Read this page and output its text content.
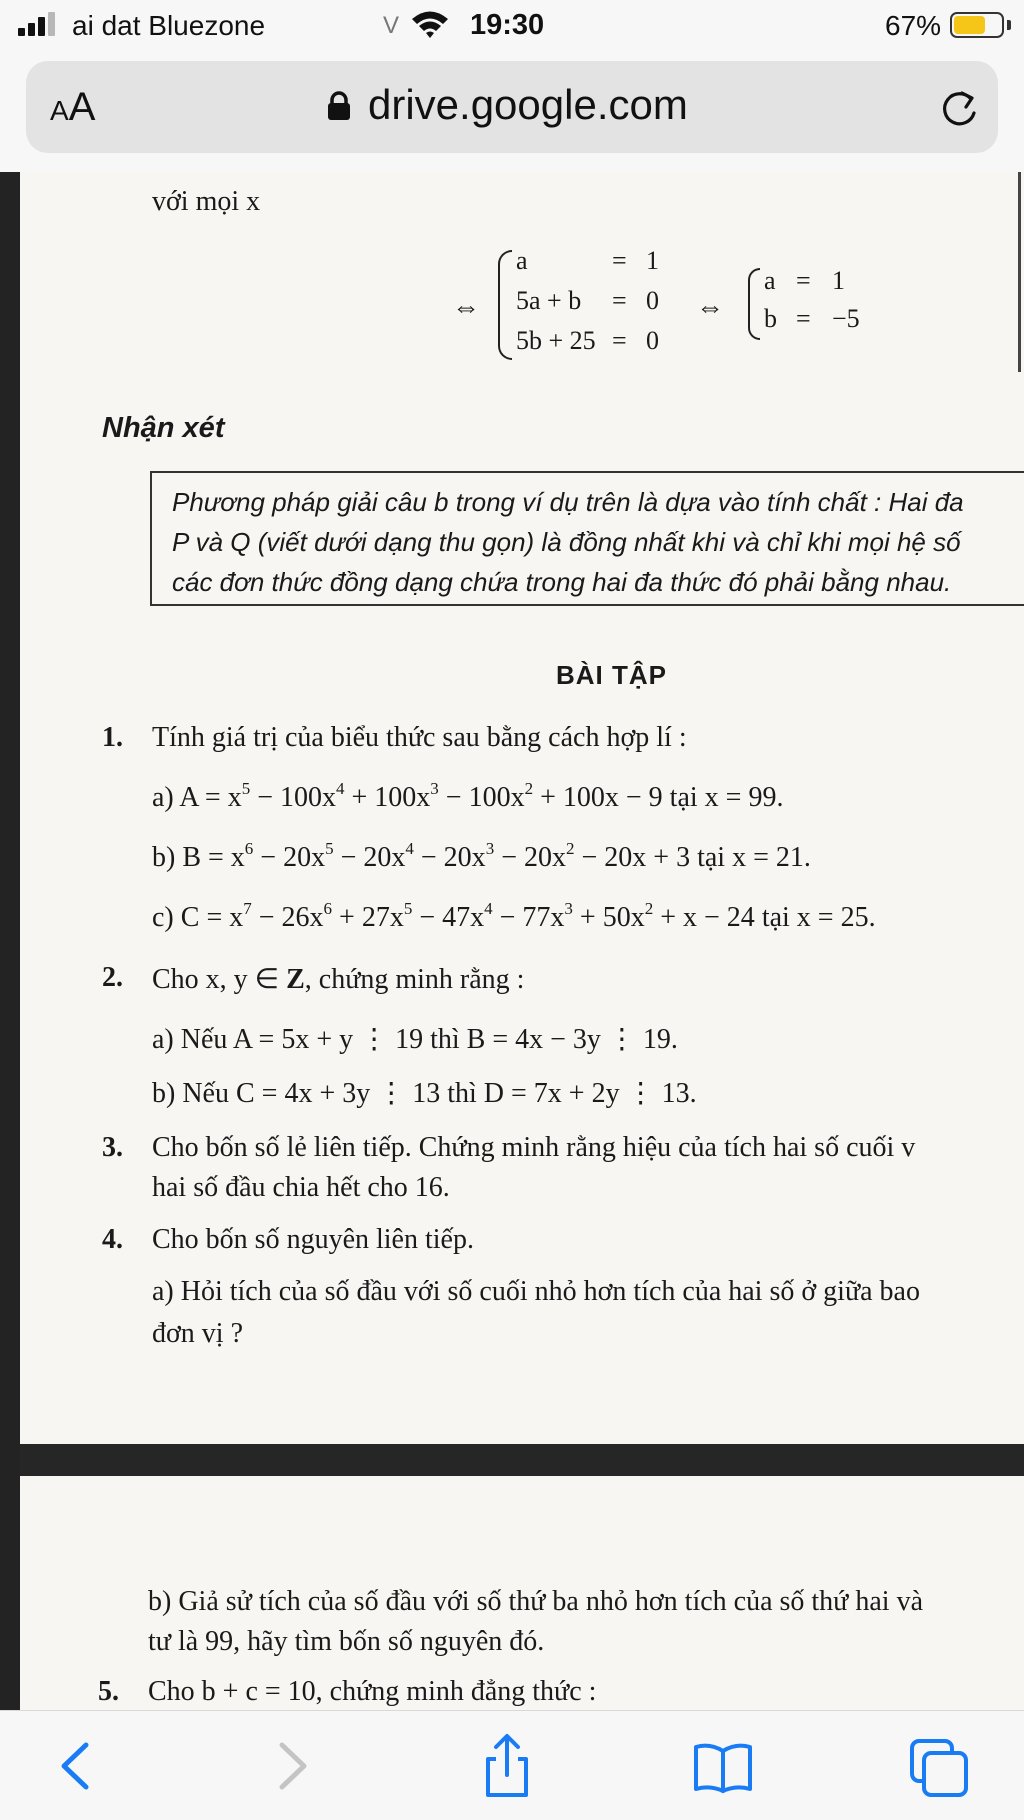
ai dat Bluezone	V 19:30	67%
AA	drive.google.com
với mọi x
⇔
a	= 1
5a + b = 0
5b + 25 = 0
⇔
a = 1
b = −5
Nhận xét
Phương pháp giải câu b trong ví dụ trên là dựa vào tính chất : Hai đa
P và Q (viết dưới dạng thu gọn) là đồng nhất khi và chỉ khi mọi hệ số
các đơn thức đồng dạng chứa trong hai đa thức đó phải bằng nhau.
BÀI TẬP
1. Tính giá trị của biểu thức sau bằng cách hợp lí :
a) $A = x^5 - 100x^4 + 100x^3 - 100x^2 + 100x - 9$ tại x = 99.
b) $B = x^6 - 20x^5 - 20x^4 - 20x^3 - 20x^2 - 20x + 3$ tại x = 21.
c) $C = x^7 - 26x^6 + 27x^5 - 47x^4 - 77x^3 + 50x^2 + x - 24$ tại x = 25.
2. Cho x, y ∈ Z, chứng minh rằng :
a) Nếu A = 5x + y ⋮ 19 thì B = 4x − 3y ⋮ 19.
b) Nếu C = 4x + 3y ⋮ 13 thì D = 7x + 2y ⋮ 13.
3. Cho bốn số lẻ liên tiếp. Chứng minh rằng hiệu của tích hai số cuối v
hai số đầu chia hết cho 16.
4. Cho bốn số nguyên liên tiếp.
a) Hỏi tích của số đầu với số cuối nhỏ hơn tích của hai số ở giữa bao
đơn vị ?
b) Giả sử tích của số đầu với số thứ ba nhỏ hơn tích của số thứ hai và
tư là 99, hãy tìm bốn số nguyên đó.
5. Cho b + c = 10, chứng minh đẳng thức :
